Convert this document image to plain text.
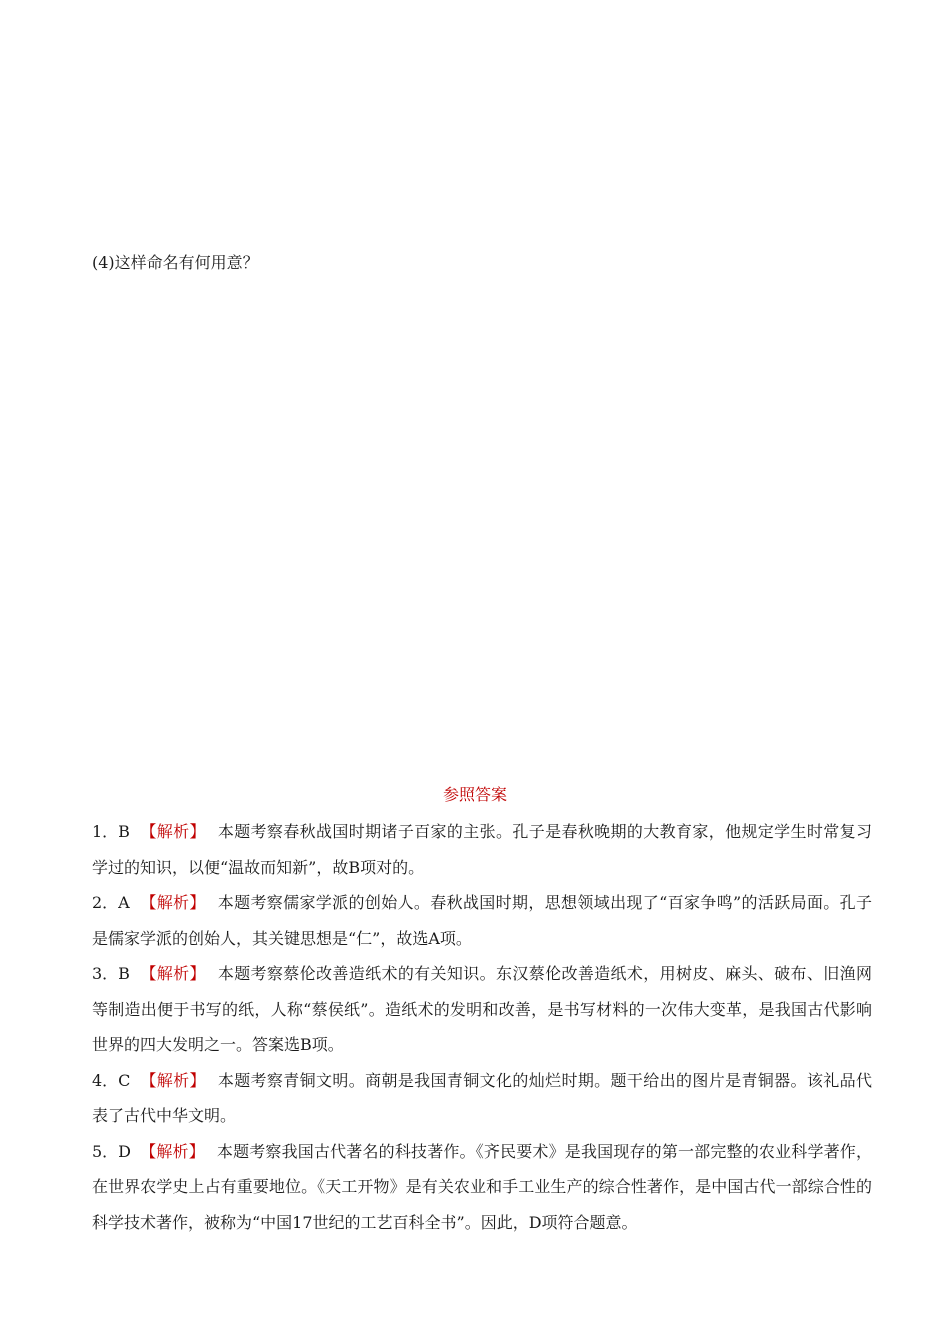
(4)这样命名有何用意？
参照答案

1．B 【解析】 本题考察春秋战国时期诸子百家的主张。孔子是春秋晚期的大教育家，他规定学生时常复习学过的知识，以便“温故而知新”，故B项对的。

2．A 【解析】 本题考察儒家学派的创始人。春秋战国时期，思想领域出现了“百家争鸣”的活跃局面。孔子是儒家学派的创始人，其关键思想是“仁”，故选A项。

3．B 【解析】 本题考察蔡伦改善造纸术的有关知识。东汉蔡伦改善造纸术，用树皮、麻头、破布、旧渔网等制造出便于书写的纸，人称“蔡侯纸”。造纸术的发明和改善，是书写材料的一次伟大变革，是我国古代影响世界的四大发明之一。答案选B项。

4．C 【解析】 本题考察青铜文明。商朝是我国青铜文化的灿烂时期。题干给出的图片是青铜器。该礼品代表了古代中华文明。

5．D 【解析】 本题考察我国古代著名的科技著作。《齐民要术》是我国现存的第一部完整的农业科学著作，在世界农学史上占有重要地位。《天工开物》是有关农业和手工业生产的综合性著作，是中国古代一部综合性的科学技术著作，被称为“中国17世纪的工艺百科全书”。因此，D项符合题意。
